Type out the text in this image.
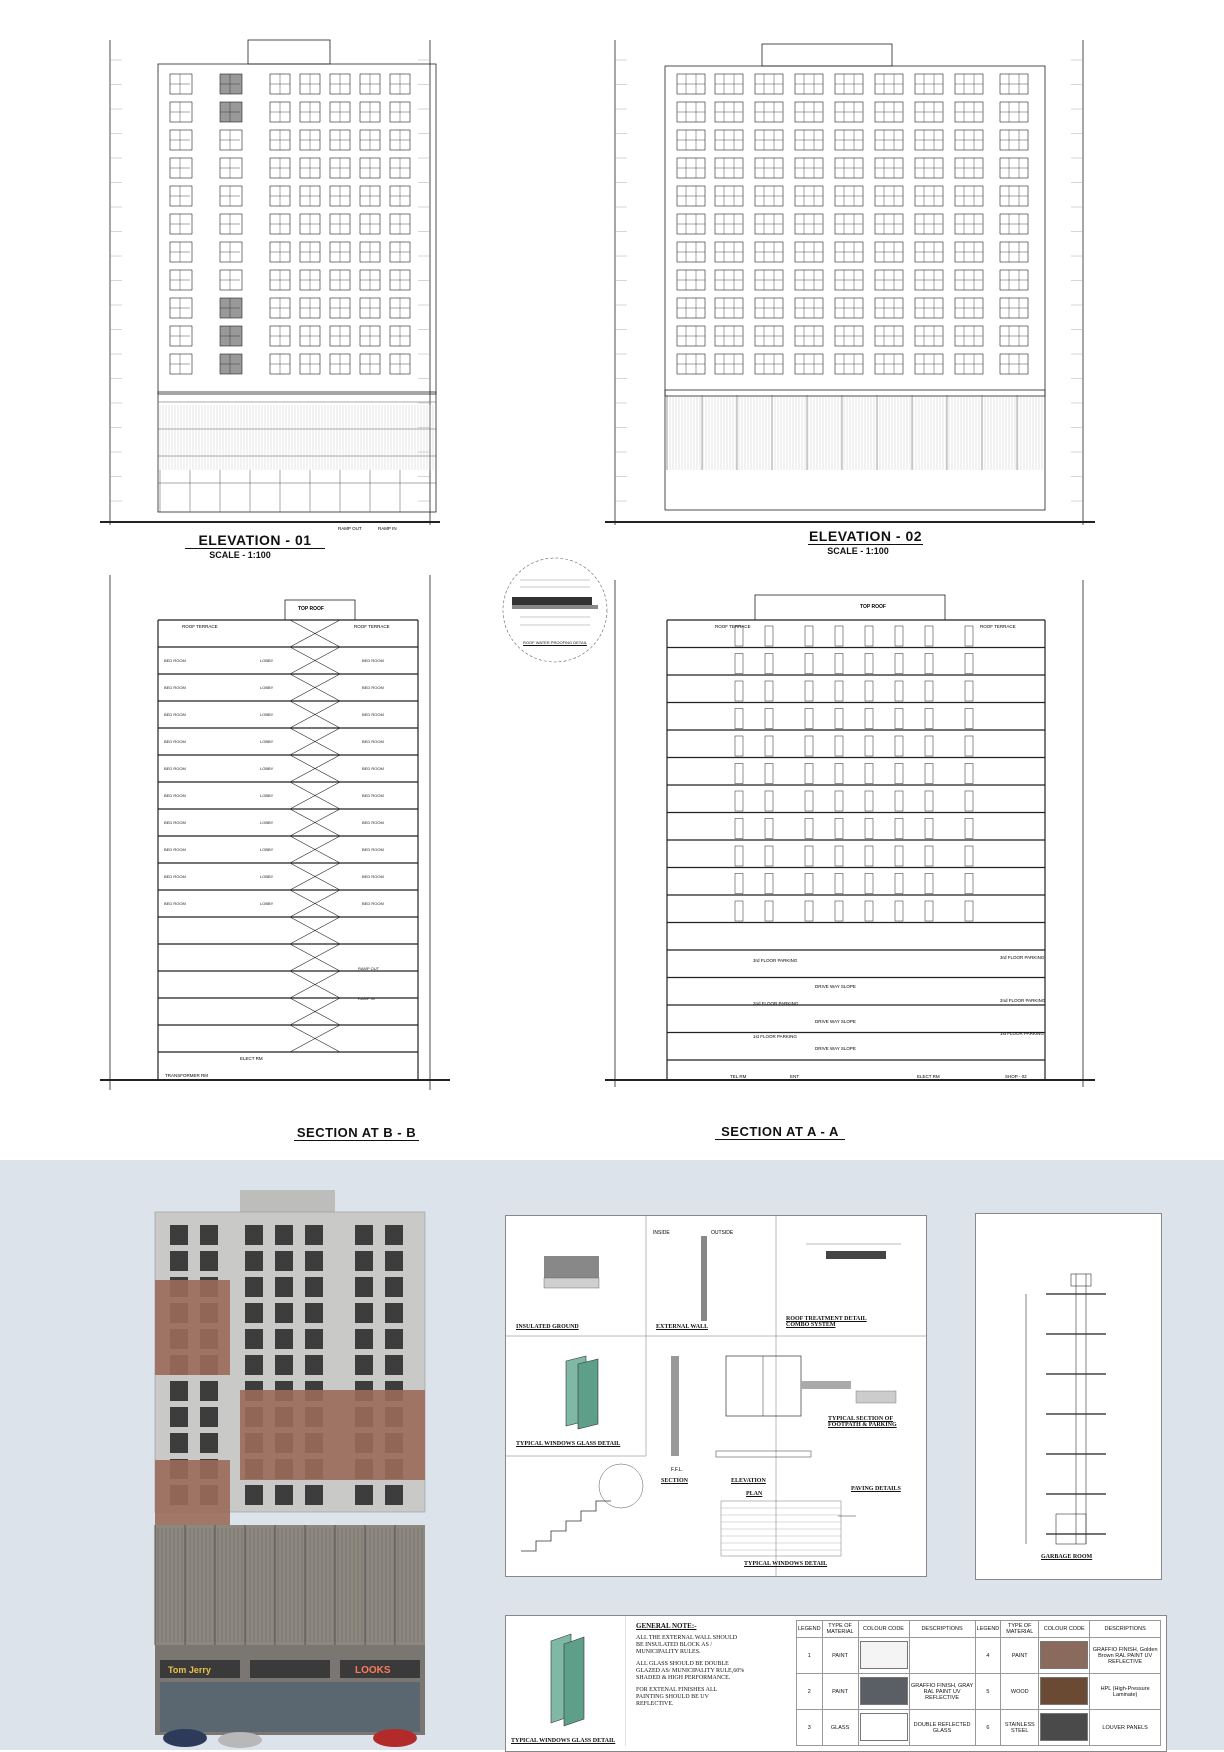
RAMP OUT	RAMP IN
ELEVATION - 01
SCALE - 1:100
ELEVATION - 02
SCALE - 1:100
ROOF WATER PROOFING DETAIL
BED ROOM	LOBBY	BED ROOM
BED ROOM	LOBBY	BED ROOM
BED ROOM	LOBBY	BED ROOM
BED ROOM	LOBBY	BED ROOM
BED ROOM	LOBBY	BED ROOM
BED ROOM	LOBBY	BED ROOM
BED ROOM	LOBBY	BED ROOM
BED ROOM	LOBBY	BED ROOM
BED ROOM	LOBBY	BED ROOM
BED ROOM	LOBBY	BED ROOM
RAMP OUT
RAMP IN
TOP ROOF
ROOF TERRACE	ROOF TERRACE
TRANSFORMER RM
ELECT RM
SECTION AT B - B
TOP ROOF
ROOF TERRACE	ROOF TERRACE
3rd FLOOR PARKING
3rd FLOOR PARKING
2nd FLOOR PARKING
2nd FLOOR PARKING
1st FLOOR PARKING
1st FLOOR PARKING
DRIVE WAY SLOPE
DRIVE WAY SLOPE
DRIVE WAY SLOPE
TEL RM	ENT	ELECT RM	SHOP - 02
SECTION AT A - A
Tom Jerry	LOOKS
INSIDE	OUTSIDE
F.F.L.
INSULATED GROUND	EXTERNAL WALL
ROOF TREATMENT DETAIL COMBO SYSTEM
TYPICAL WINDOWS GLASS DETAIL
SECTION	ELEVATION
PLAN
TYPICAL SECTION OF FOOTPATH & PARKING
PAVING DETAILS
TYPICAL WINDOWS DETAIL
GARBAGE ROOM
TYPICAL WINDOWS GLASS DETAIL
GENERAL NOTE:-

ALL THE EXTERNAL WALL SHOULD BE INSULATED BLOCK AS / MUNICIPALITY RULES.

ALL GLASS SHOULD BE DOUBLE GLAZED AS/ MUNICIPALITY RULE,60% SHADED & HIGH PERFORMANCE.

FOR EXTENAL FINISHES ALL PAINTING SHOULD BE UV REFLECTIVE.

LEGEND	TYPE OF MATERIAL	COLOUR CODE	DESCRIPTIONS	LEGEND	TYPE OF MATERIAL	COLOUR CODE	DESCRIPTIONS
1	PAINT			4	PAINT		GRAFFIO FINISH, Golden Brown RAL PAINT UV REFLECTIVE
2	PAINT		GRAFFIO FINISH, GRAY RAL PAINT UV REFLECTIVE	5	WOOD		HPL (High-Pressure Laminate)
3	GLASS		DOUBLE REFLECTED GLASS	6	STAINLESS STEEL		LOUVER PANELS
